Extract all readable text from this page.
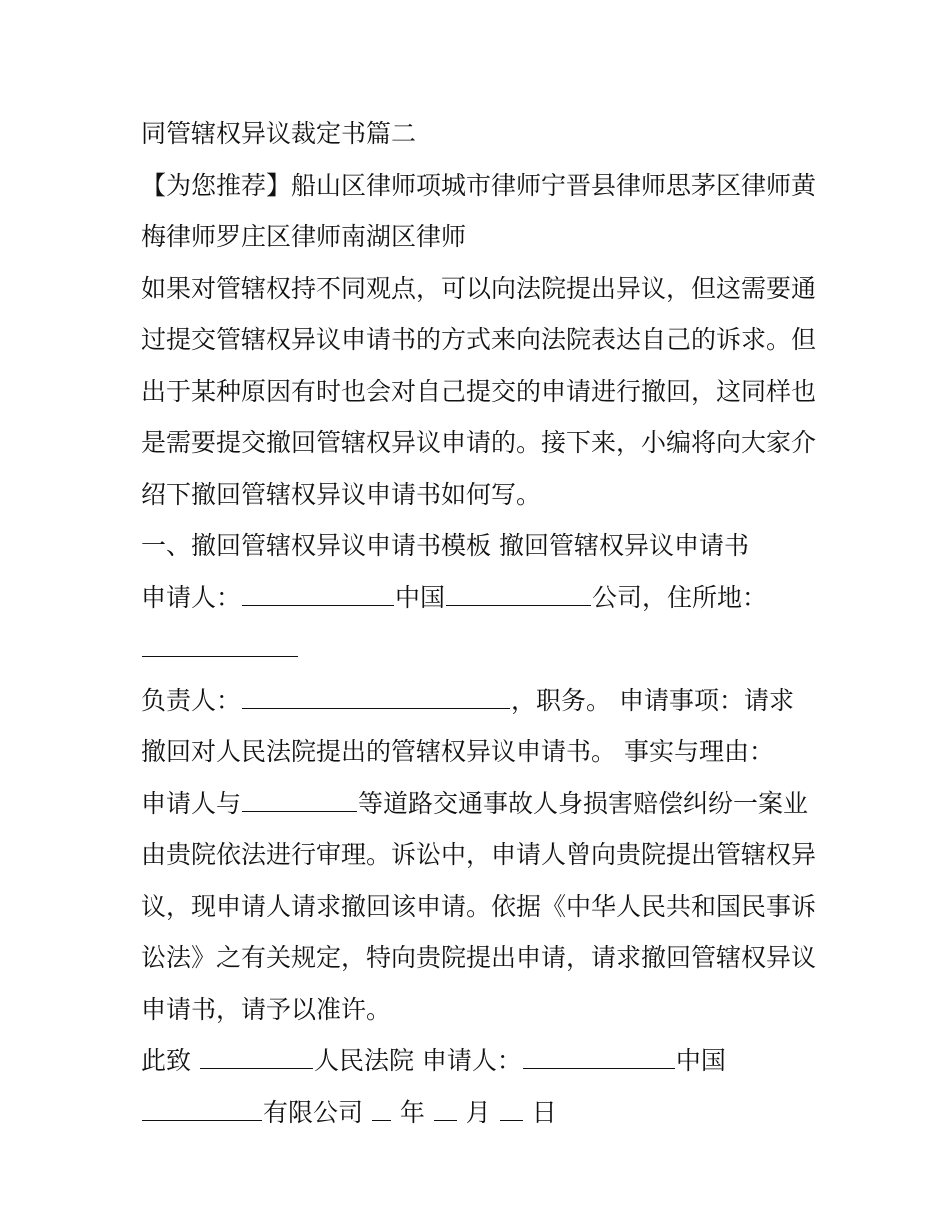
同管辖权异议裁定书篇二
【为您推荐】船山区律师项城市律师宁晋县律师思茅区律师黄
梅律师罗庄区律师南湖区律师
如果对管辖权持不同观点，可以向法院提出异议，但这需要通
过提交管辖权异议申请书的方式来向法院表达自己的诉求。但
出于某种原因有时也会对自己提交的申请进行撤回，这同样也
是需要提交撤回管辖权异议申请的。接下来，小编将向大家介
绍下撤回管辖权异议申请书如何写。
一、撤回管辖权异议申请书模板 撤回管辖权异议申请书
申请人：	中国	公司，住所地：
负责人：	，职务。 申请事项：请求
撤回对人民法院提出的管辖权异议申请书。 事实与理由：
申请人与	等道路交通事故人身损害赔偿纠纷一案业
由贵院依法进行审理。诉讼中，申请人曾向贵院提出管辖权异
议，现申请人请求撤回该申请。依据《中华人民共和国民事诉
讼法》之有关规定，特向贵院提出申请，请求撤回管辖权异议
申请书，请予以准许。
此致	人民法院 申请人：	中国
有限公司  年  月  日
